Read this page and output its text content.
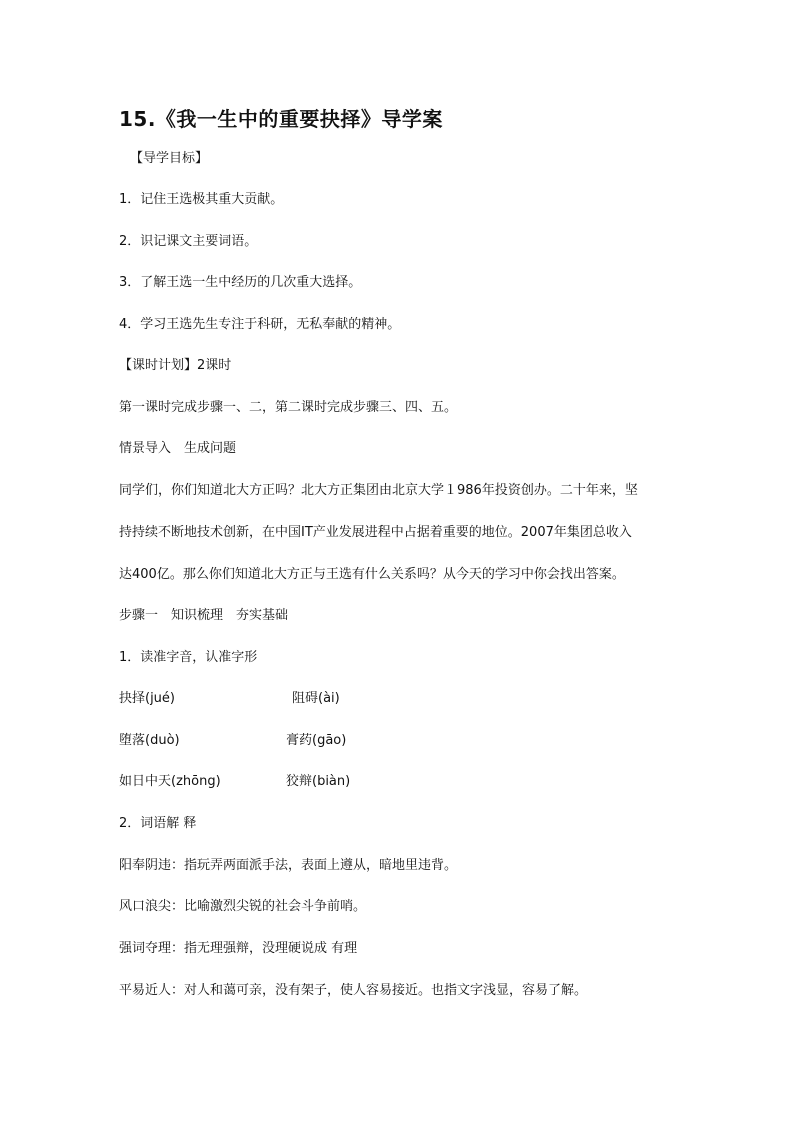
15.《我一生中的重要抉择》导学案
【导学目标】
1．记住王选极其重大贡献。
2．识记课文主要词语。
3．了解王选一生中经历的几次重大选择。
4．学习王选先生专注于科研，无私奉献的精神。
【课时计划】2课时
第一课时完成步骤一、二，第二课时完成步骤三、四、五。
情景导入　生成问题
同学们，你们知道北大方正吗？北大方正集团由北京大学１986年投资创办。二十年来，坚
持持续不断地技术创新，在中国IT产业发展进程中占据着重要的地位。2007年集团总收入
达400亿。那么你们知道北大方正与王选有什么关系吗？从今天的学习中你会找出答案。
步骤一　知识梳理　夯实基础
1．读准字音，认准字形
抉择(jué)	阻碍(ài)
堕落(duò)	膏药(gāo)
如日中天(zhōng)	狡辩(biàn)
2．词语解 释
阳奉阴违：指玩弄两面派手法，表面上遵从，暗地里违背。
风口浪尖：比喻激烈尖锐的社会斗争前哨。
强词夺理：指无理强辩，没理硬说成 有理
平易近人：对人和蔼可亲，没有架子，使人容易接近。也指文字浅显，容易了解。
